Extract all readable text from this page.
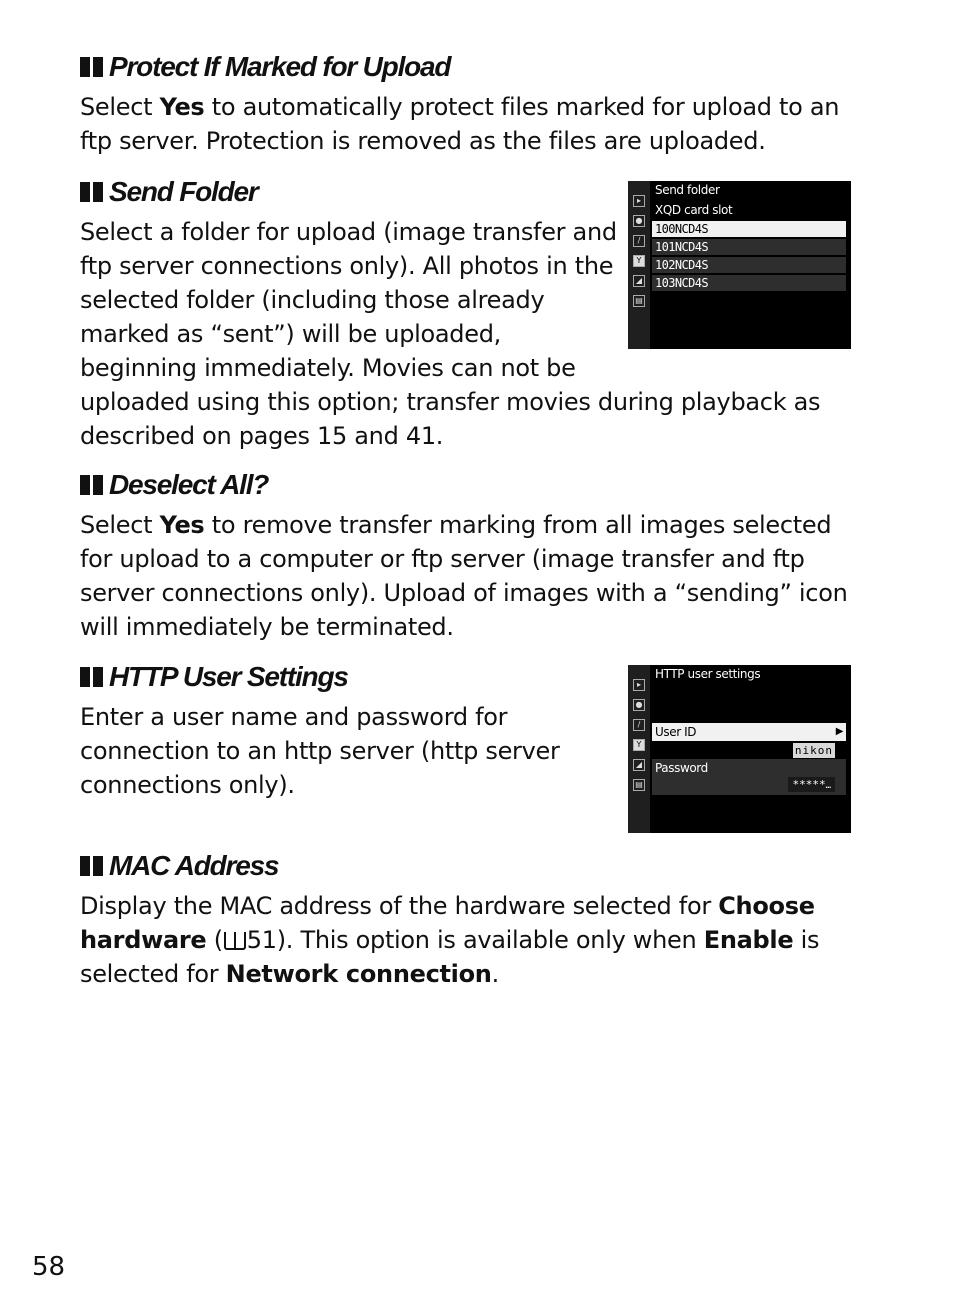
Protect If Marked for Upload

Select Yes to automatically protect files marked for upload to an ftp server. Protection is removed as the files are uploaded.

Send Folder
Select a folder for upload (image transfer and
ftp server connections only). All photos in the
selected folder (including those already
marked as “sent”) will be uploaded,
beginning immediately. Movies can not be
uploaded using this option; transfer movies during playback as
described on pages 15 and 41.
▸
●
/
Y
◢
▤
Send folder
XQD card slot
100NCD4S
101NCD4S
102NCD4S
103NCD4S
Deselect All?

Select Yes to remove transfer marking from all images selected for upload to a computer or ftp server (image transfer and ftp server connections only). Upload of images with a “sending” icon will immediately be terminated.

HTTP User Settings
Enter a user name and password for
connection to an http server (http server
connections only).
▸
●
/
Y
◢
▤
HTTP user settings
User ID	▶
nikon
Password
*****…
MAC Address

Display the MAC address of the hardware selected for Choose hardware ( 51). This option is available only when Enable is selected for Network connection.

58
